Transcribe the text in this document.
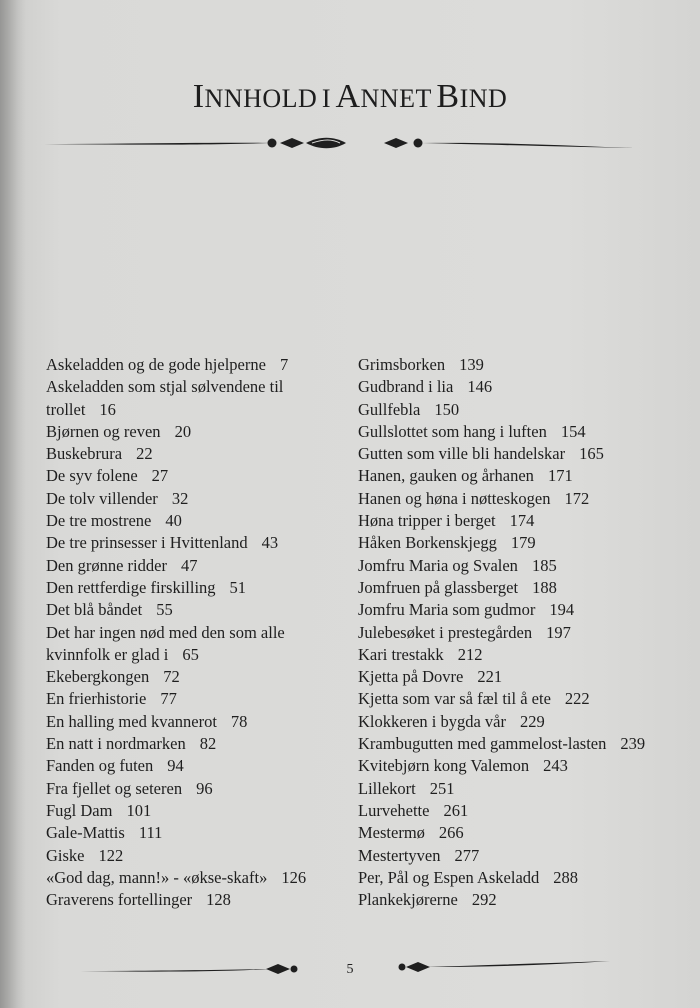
INNHOLD I ANNET BIND
Askeladden og de gode hjelperne 7
Askeladden som stjal sølvendene til trollet 16
Bjørnen og reven 20
Buskebrura 22
De syv folene 27
De tolv villender 32
De tre mostrene 40
De tre prinsesser i Hvittenland 43
Den grønne ridder 47
Den rettferdige firskilling 51
Det blå båndet 55
Det har ingen nød med den som alle kvinnfolk er glad i 65
Ekebergkongen 72
En frierhistorie 77
En halling med kvannerot 78
En natt i nordmarken 82
Fanden og futen 94
Fra fjellet og seteren 96
Fugl Dam 101
Gale-Mattis 111
Giske 122
«God dag, mann!» - «økse-skaft» 126
Graverens fortellinger 128
Grimsborken 139
Gudbrand i lia 146
Gullfebla 150
Gullslottet som hang i luften 154
Gutten som ville bli handelskar 165
Hanen, gauken og århanen 171
Hanen og høna i nøtteskogen 172
Høna tripper i berget 174
Håken Borkenskjegg 179
Jomfru Maria og Svalen 185
Jomfruen på glassberget 188
Jomfru Maria som gudmor 194
Julebesøket i prestegården 197
Kari trestakk 212
Kjetta på Dovre 221
Kjetta som var så fæl til å ete 222
Klokkeren i bygda vår 229
Krambugutten med gammelost-lasten 239
Kvitebjørn kong Valemon 243
Lillekort 251
Lurvehette 261
Mestermø 266
Mestertyven 277
Per, Pål og Espen Askeladd 288
Plankekjørerne 292
5
